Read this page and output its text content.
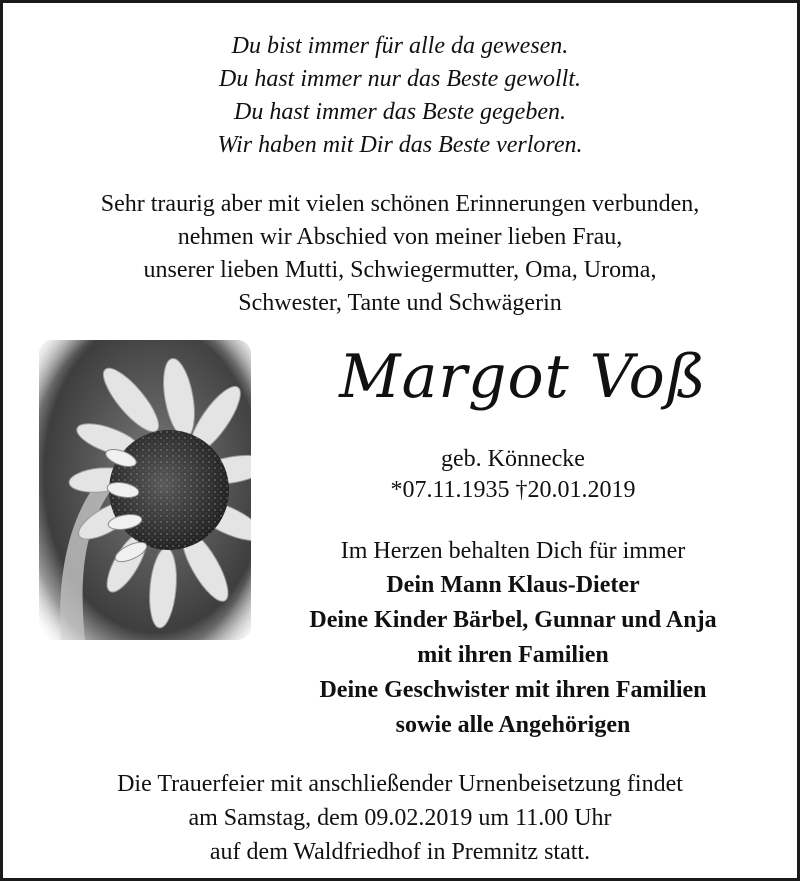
Du bist immer für alle da gewesen.
Du hast immer nur das Beste gewollt.
Du hast immer das Beste gegeben.
Wir haben mit Dir das Beste verloren.
Sehr traurig aber mit vielen schönen Erinnerungen verbunden,
nehmen wir Abschied von meiner lieben Frau,
unserer lieben Mutti, Schwiegermutter, Oma, Uroma,
Schwester, Tante und Schwägerin
Margot Voß
geb. Könnecke
*07.11.1935 †20.01.2019
Im Herzen behalten Dich für immer
Dein Mann Klaus-Dieter
Deine Kinder Bärbel, Gunnar und Anja
mit ihren Familien
Deine Geschwister mit ihren Familien
sowie alle Angehörigen
Die Trauerfeier mit anschließender Urnenbeisetzung findet
am Samstag, dem 09.02.2019 um 11.00 Uhr
auf dem Waldfriedhof in Premnitz statt.
